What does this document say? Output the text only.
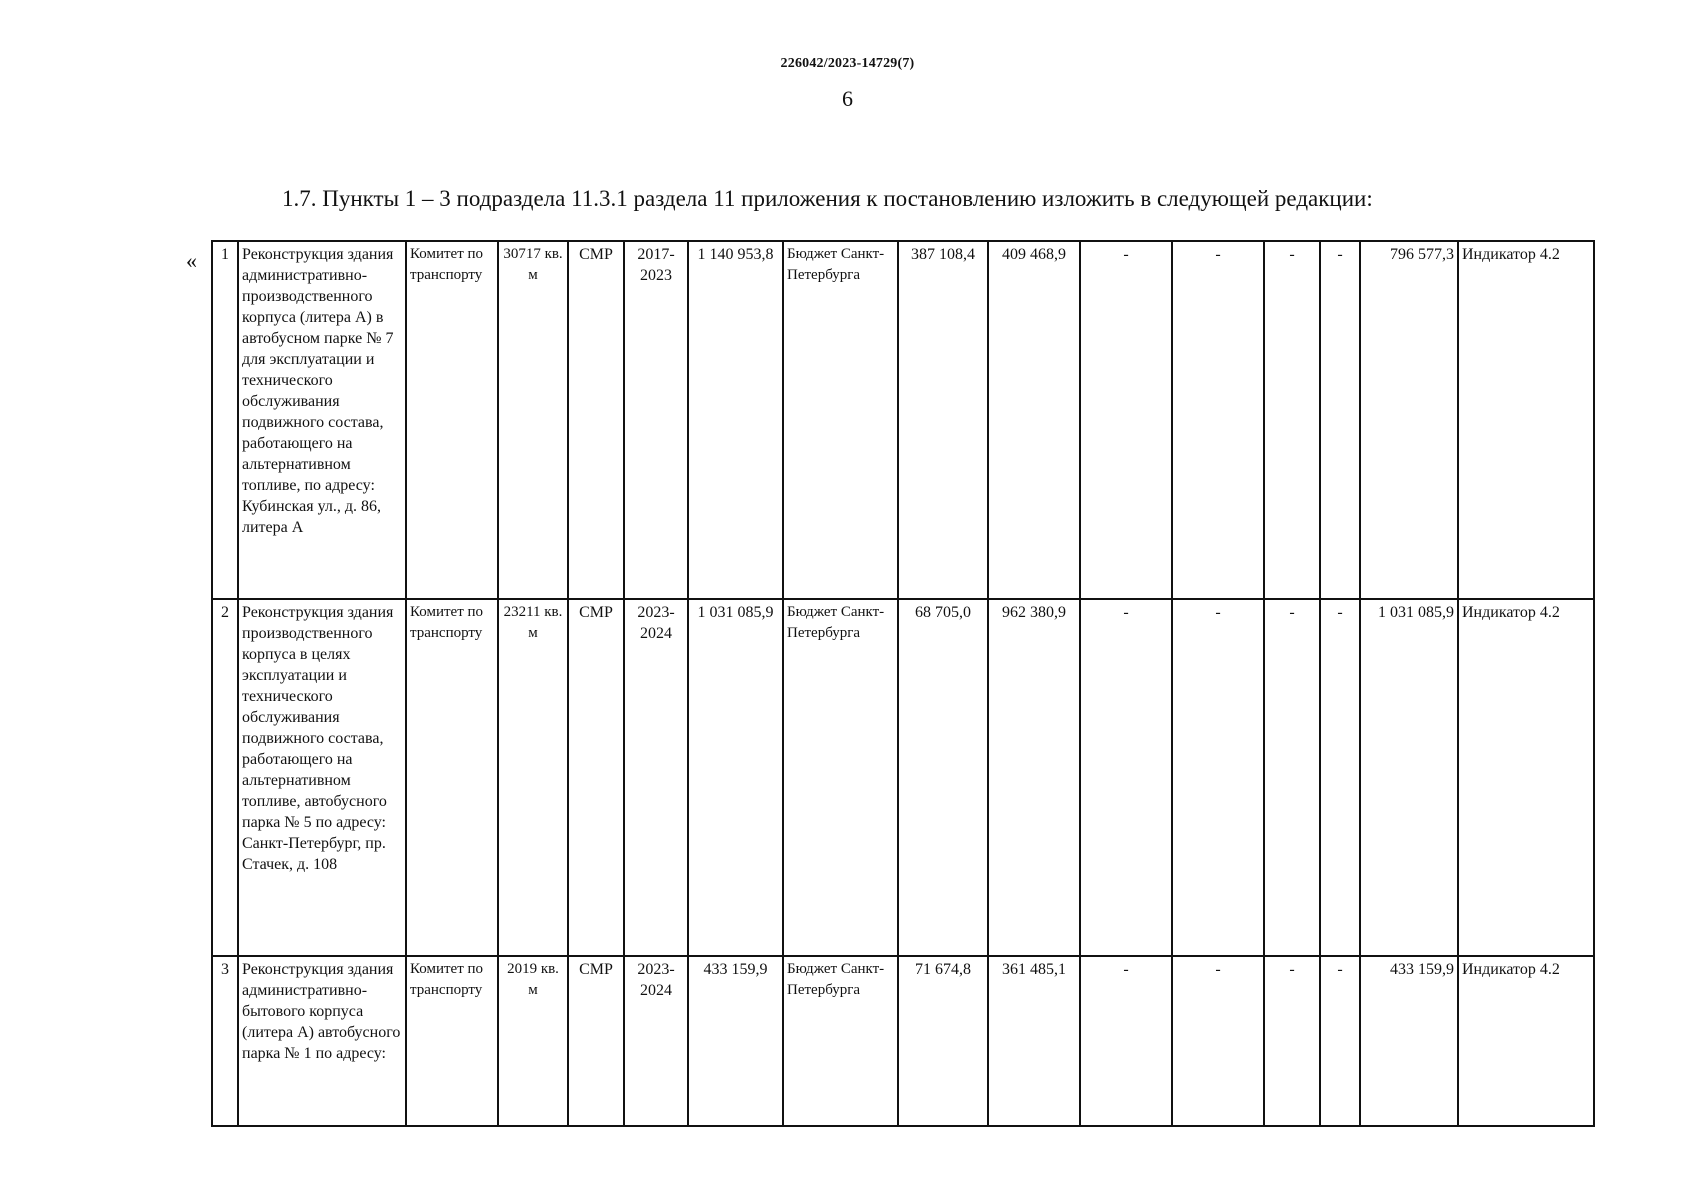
226042/2023-14729(7)
6
1.7. Пункты 1 – 3 подраздела 11.3.1 раздела 11 приложения к постановлению изложить в следующей редакции:
« 1	Реконструкция здания административно-производственного корпуса (литера А) в автобусном парке № 7 для эксплуатации и технического обслуживания подвижного состава, работающего на альтернативном топливе, по адресу: Кубинская ул., д. 86, литера А	Комитет по транспорту	30717 кв. м	СМР	2017-2023	1 140 953,8	Бюджет Санкт-Петербурга	387 108,4	409 468,9	-	-	-	-	796 577,3	Индикатор 4.2
2	Реконструкция здания производственного корпуса в целях эксплуатации и технического обслуживания подвижного состава, работающего на альтернативном топливе, автобусного парка № 5 по адресу: Санкт-Петербург, пр. Стачек, д. 108	Комитет по транспорту	23211 кв. м	СМР	2023-2024	1 031 085,9	Бюджет Санкт-Петербурга	68 705,0	962 380,9	-	-	-	-	1 031 085,9	Индикатор 4.2
3	Реконструкция здания административно-бытового корпуса (литера А) автобусного парка № 1 по адресу:	Комитет по транспорту	2019 кв. м	СМР	2023-2024	433 159,9	Бюджет Санкт-Петербурга	71 674,8	361 485,1	-	-	-	-	433 159,9	Индикатор 4.2
